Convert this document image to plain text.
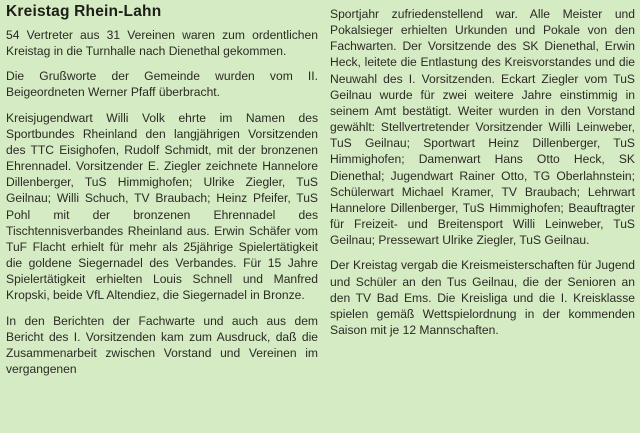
Kreistag Rhein-Lahn

54 Vertreter aus 31 Vereinen waren zum ordentlichen Kreistag in die Turnhalle nach Dienethal gekommen.

Die Grußworte der Gemeinde wurden vom II. Beigeordneten Werner Pfaff überbracht.

Kreisjugendwart Willi Volk ehrte im Namen des Sportbundes Rheinland den langjährigen Vorsitzenden des TTC Eisighofen, Rudolf Schmidt, mit der bronzenen Ehrennadel. Vorsitzender E. Ziegler zeichnete Hannelore Dillenberger, TuS Himmighofen; Ulrike Ziegler, TuS Geilnau; Willi Schuch, TV Braubach; Heinz Pfeifer, TuS Pohl mit der bronzenen Ehrennadel des Tischtennisverbandes Rheinland aus. Erwin Schäfer vom TuF Flacht erhielt für mehr als 25jährige Spielertätigkeit die goldene Siegernadel des Verbandes. Für 15 Jahre Spielertätigkeit erhielten Louis Schnell und Manfred Kropski, beide VfL Altendiez, die Siegernadel in Bronze.

In den Berichten der Fachwarte und auch aus dem Bericht des I. Vorsitzenden kam zum Ausdruck, daß die Zusammenarbeit zwischen Vorstand und Vereinen im vergangenen

Sportjahr zufriedenstellend war. Alle Meister und Pokalsieger erhielten Urkunden und Pokale von den Fachwarten. Der Vorsitzende des SK Dienethal, Erwin Heck, leitete die Entlastung des Kreisvorstandes und die Neuwahl des I. Vorsitzenden. Eckart Ziegler vom TuS Geilnau wurde für zwei weitere Jahre einstimmig in seinem Amt bestätigt. Weiter wurden in den Vorstand gewählt: Stellvertretender Vorsitzender Willi Leinweber, TuS Geilnau; Sportwart Heinz Dillenberger, TuS Himmighofen; Damenwart Hans Otto Heck, SK Dienethal; Jugendwart Rainer Otto, TG Oberlahnstein; Schülerwart Michael Kramer, TV Braubach; Lehrwart Hannelore Dillenberger, TuS Himmighofen; Beauftragter für Freizeit- und Breitensport Willi Leinweber, TuS Geilnau; Pressewart Ulrike Ziegler, TuS Geilnau.

Der Kreistag vergab die Kreismeisterschaften für Jugend und Schüler an den Tus Geilnau, die der Senioren an den TV Bad Ems. Die Kreisliga und die I. Kreisklasse spielen gemäß Wettspielordnung in der kommenden Saison mit je 12 Mannschaften.
